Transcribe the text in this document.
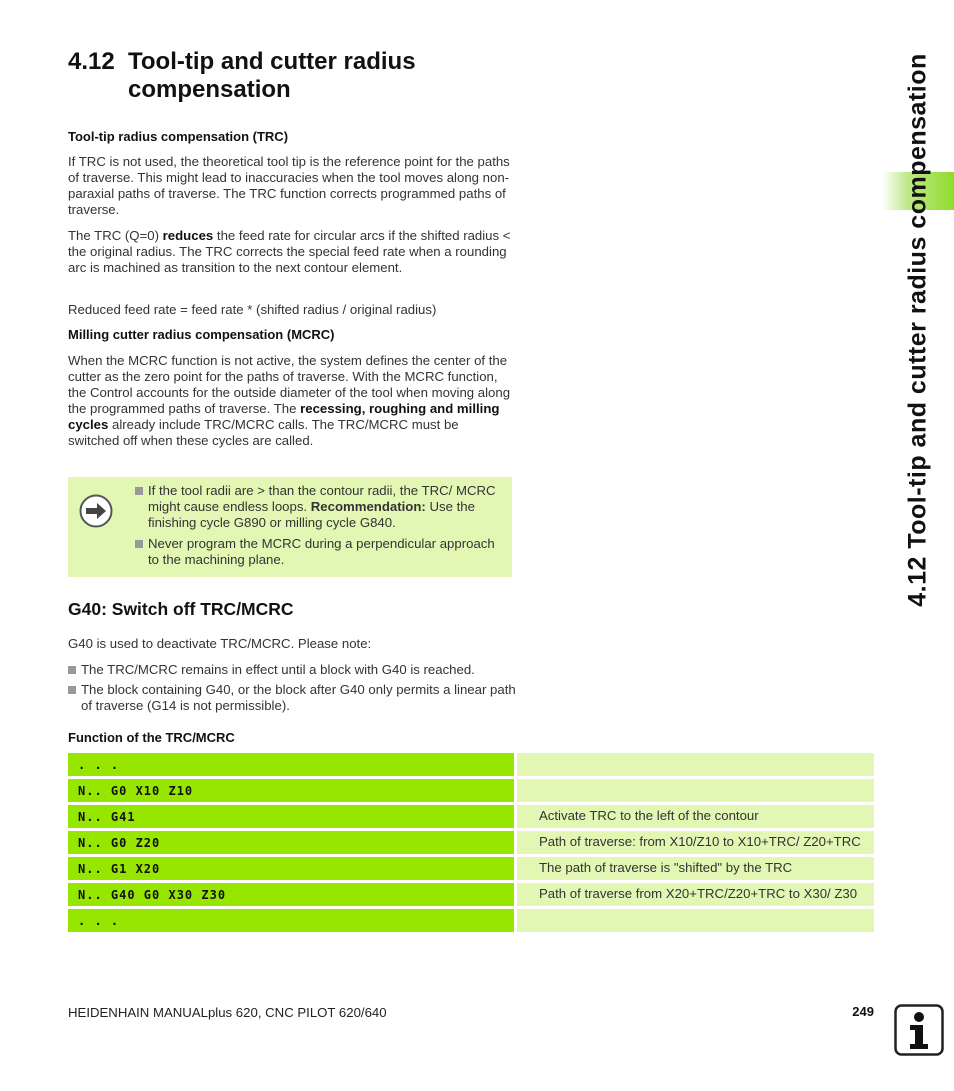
4.12 Tool-tip and cutter radius compensation
Tool-tip radius compensation (TRC)
If TRC is not used, the theoretical tool tip is the reference point for the paths of traverse. This might lead to inaccuracies when the tool moves along non-paraxial paths of traverse. The TRC function corrects programmed paths of traverse.
The TRC (Q=0) reduces the feed rate for circular arcs if the shifted radius < the original radius. The TRC corrects the special feed rate when a rounding arc is machined as transition to the next contour element.
Reduced feed rate = feed rate * (shifted radius / original radius)
Milling cutter radius compensation (MCRC)
When the MCRC function is not active, the system defines the center of the cutter as the zero point for the paths of traverse. With the MCRC function, the Control accounts for the outside diameter of the tool when moving along the programmed paths of traverse. The recessing, roughing and milling cycles already include TRC/MCRC calls. The TRC/MCRC must be switched off when these cycles are called.
If the tool radii are > than the contour radii, the TRC/ MCRC might cause endless loops. Recommendation: Use the finishing cycle G890 or milling cycle G840.
Never program the MCRC during a perpendicular approach to the machining plane.
G40: Switch off TRC/MCRC
G40 is used to deactivate TRC/MCRC. Please note:
The TRC/MCRC remains in effect until a block with G40 is reached.
The block containing G40, or the block after G40 only permits a linear path of traverse (G14 is not permissible).
Function of the TRC/MCRC
. . .		
N.. G0 X10 Z10		
N.. G41		Activate TRC to the left of the contour
N.. G0 Z20		Path of traverse: from X10/Z10 to X10+TRC/ Z20+TRC
N.. G1 X20		The path of traverse is "shifted" by the TRC
N.. G40 G0 X30 Z30		Path of traverse from X20+TRC/Z20+TRC to X30/ Z30
. . .		
4.12 Tool-tip and cutter radius compensation
HEIDENHAIN MANUALplus 620, CNC PILOT 620/640	249
